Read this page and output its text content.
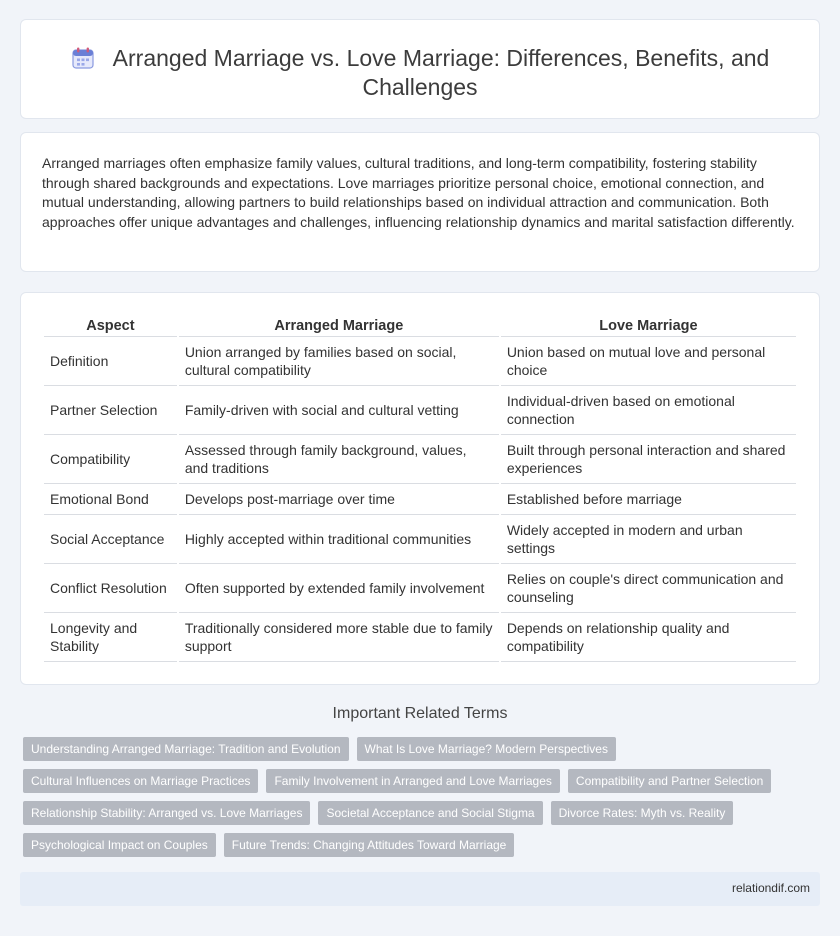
Arranged Marriage vs. Love Marriage: Differences, Benefits, and Challenges

Arranged marriages often emphasize family values, cultural traditions, and long-term compatibility, fostering stability through shared backgrounds and expectations. Love marriages prioritize personal choice, emotional connection, and mutual understanding, allowing partners to build relationships based on individual attraction and communication. Both approaches offer unique advantages and challenges, influencing relationship dynamics and marital satisfaction differently.

Aspect	Arranged Marriage	Love Marriage
Definition	Union arranged by families based on social, cultural compatibility	Union based on mutual love and personal choice
Partner Selection	Family-driven with social and cultural vetting	Individual-driven based on emotional connection
Compatibility	Assessed through family background, values, and traditions	Built through personal interaction and shared experiences
Emotional Bond	Develops post-marriage over time	Established before marriage
Social Acceptance	Highly accepted within traditional communities	Widely accepted in modern and urban settings
Conflict Resolution	Often supported by extended family involvement	Relies on couple's direct communication and counseling
Longevity and Stability	Traditionally considered more stable due to family support	Depends on relationship quality and compatibility
Important Related Terms
Understanding Arranged Marriage: Tradition and Evolution	What Is Love Marriage? Modern Perspectives
Cultural Influences on Marriage Practices	Family Involvement in Arranged and Love Marriages	Compatibility and Partner Selection
Relationship Stability: Arranged vs. Love Marriages	Societal Acceptance and Social Stigma	Divorce Rates: Myth vs. Reality
Psychological Impact on Couples	Future Trends: Changing Attitudes Toward Marriage
relationdif.com
